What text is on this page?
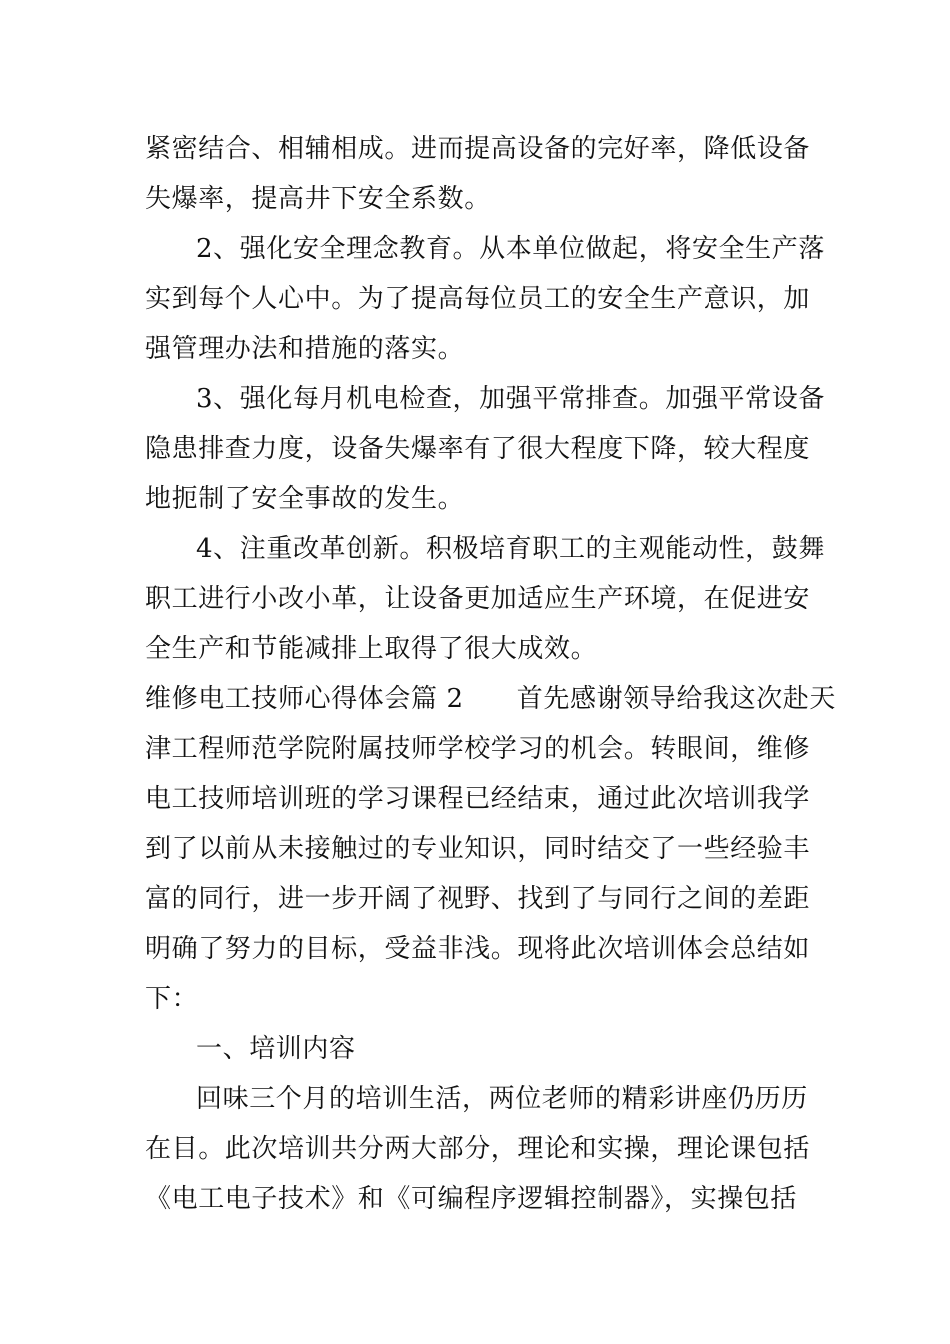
紧密结合、相辅相成。进而提高设备的完好率，降低设备
失爆率，提高井下安全系数。
2、强化安全理念教育。从本单位做起，将安全生产落
实到每个人心中。为了提高每位员工的安全生产意识，加
强管理办法和措施的落实。
3、强化每月机电检查，加强平常排查。加强平常设备
隐患排查力度，设备失爆率有了很大程度下降，较大程度
地扼制了安全事故的发生。
4、注重改革创新。积极培育职工的主观能动性，鼓舞
职工进行小改小革，让设备更加适应生产环境，在促进安
全生产和节能减排上取得了很大成效。
维修电工技师心得体会篇 2　　首先感谢领导给我这次赴天
津工程师范学院附属技师学校学习的机会。转眼间，维修
电工技师培训班的学习课程已经结束，通过此次培训我学
到了以前从未接触过的专业知识，同时结交了一些经验丰
富的同行，进一步开阔了视野、找到了与同行之间的差距
明确了努力的目标，受益非浅。现将此次培训体会总结如
下：
一、培训内容
回味三个月的培训生活，两位老师的精彩讲座仍历历
在目。此次培训共分两大部分，理论和实操，理论课包括
《电工电子技术》和《可编程序逻辑控制器》，实操包括
